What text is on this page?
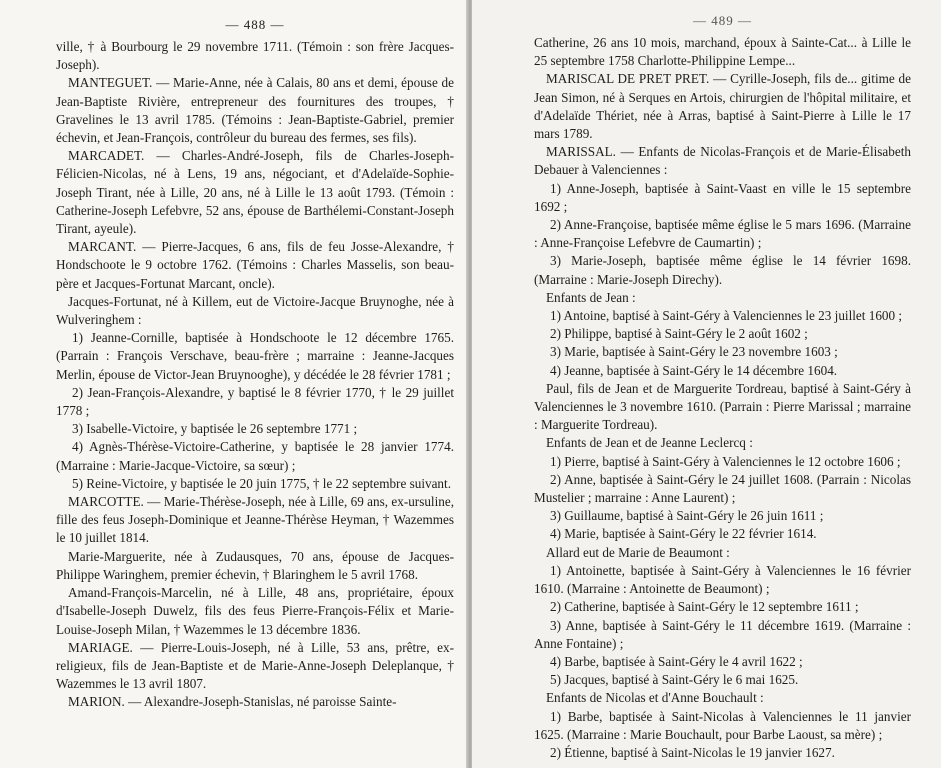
— 488 —

ville, † à Bourbourg le 29 novembre 1711. (Témoin : son frère Jacques-Joseph).

MANTEGUET. — Marie-Anne, née à Calais, 80 ans et demi, épouse de Jean-Baptiste Rivière, entrepreneur des fournitures des troupes, † Gravelines le 13 avril 1785. (Témoins : Jean-Baptiste-Gabriel, premier échevin, et Jean-François, contrôleur du bureau des fermes, ses fils).

MARCADET. — Charles-André-Joseph, fils de Charles-Joseph-Félicien-Nicolas, né à Lens, 19 ans, négociant, et d'Adelaïde-Sophie-Joseph Tirant, née à Lille, 20 ans, né à Lille le 13 août 1793. (Témoin : Catherine-Joseph Lefebvre, 52 ans, épouse de Barthélemi-Constant-Joseph Tirant, ayeule).

MARCANT. — Pierre-Jacques, 6 ans, fils de feu Josse-Alexandre, † Hondschoote le 9 octobre 1762. (Témoins : Charles Masselis, son beau-père et Jacques-Fortunat Marcant, oncle).

Jacques-Fortunat, né à Killem, eut de Victoire-Jacque Bruynoghe, née à Wulveringhem :

1) Jeanne-Cornille, baptisée à Hondschoote le 12 décembre 1765. (Parrain : François Verschave, beau-frère ; marraine : Jeanne-Jacques Merlin, épouse de Victor-Jean Bruynooghe), y décédée le 28 février 1781 ;

2) Jean-François-Alexandre, y baptisé le 8 février 1770, † le 29 juillet 1778 ;

3) Isabelle-Victoire, y baptisée le 26 septembre 1771 ;

4) Agnès-Thérèse-Victoire-Catherine, y baptisée le 28 janvier 1774. (Marraine : Marie-Jacque-Victoire, sa sœur) ;

5) Reine-Victoire, y baptisée le 20 juin 1775, † le 22 septembre suivant.

MARCOTTE. — Marie-Thérèse-Joseph, née à Lille, 69 ans, ex-ursuline, fille des feus Joseph-Dominique et Jeanne-Thérèse Heyman, † Wazemmes le 10 juillet 1814.

Marie-Marguerite, née à Zudausques, 70 ans, épouse de Jacques-Philippe Waringhem, premier échevin, † Blaringhem le 5 avril 1768.

Amand-François-Marcelin, né à Lille, 48 ans, propriétaire, époux d'Isabelle-Joseph Duwelz, fils des feus Pierre-François-Félix et Marie-Louise-Joseph Milan, † Wazemmes le 13 décembre 1836.

MARIAGE. — Pierre-Louis-Joseph, né à Lille, 53 ans, prêtre, ex-religieux, fils de Jean-Baptiste et de Marie-Anne-Joseph Deleplanque, † Wazemmes le 13 avril 1807.

MARION. — Alexandre-Joseph-Stanislas, né paroisse Sainte-

— 489 —

Catherine, 26 ans 10 mois, marchand, époux à Sainte-Cat... à Lille le 25 septembre 1758 Charlotte-Philippine Lempe...

MARISCAL DE PRET PRET. — Cyrille-Joseph, fils de... gitime de Jean Simon, né à Serques en Artois, chirurgien de l'hôpital militaire, et d'Adelaïde Thériet, née à Arras, baptisé à Saint-Pierre à Lille le 17 mars 1789.

MARISSAL. — Enfants de Nicolas-François et de Marie-Élisabeth Debauer à Valenciennes :

1) Anne-Joseph, baptisée à Saint-Vaast en ville le 15 septembre 1692 ;

2) Anne-Françoise, baptisée même église le 5 mars 1696. (Marraine : Anne-Françoise Lefebvre de Caumartin) ;

3) Marie-Joseph, baptisée même église le 14 février 1698. (Marraine : Marie-Joseph Direchy).

Enfants de Jean :

1) Antoine, baptisé à Saint-Géry à Valenciennes le 23 juillet 1600 ;

2) Philippe, baptisé à Saint-Géry le 2 août 1602 ;

3) Marie, baptisée à Saint-Géry le 23 novembre 1603 ;

4) Jeanne, baptisée à Saint-Géry le 14 décembre 1604.

Paul, fils de Jean et de Marguerite Tordreau, baptisé à Saint-Géry à Valenciennes le 3 novembre 1610. (Parrain : Pierre Marissal ; marraine : Marguerite Tordreau).

Enfants de Jean et de Jeanne Leclercq :

1) Pierre, baptisé à Saint-Géry à Valenciennes le 12 octobre 1606 ;

2) Anne, baptisée à Saint-Géry le 24 juillet 1608. (Parrain : Nicolas Mustelier ; marraine : Anne Laurent) ;

3) Guillaume, baptisé à Saint-Géry le 26 juin 1611 ;

4) Marie, baptisée à Saint-Géry le 22 février 1614.

Allard eut de Marie de Beaumont :

1) Antoinette, baptisée à Saint-Géry à Valenciennes le 16 février 1610. (Marraine : Antoinette de Beaumont) ;

2) Catherine, baptisée à Saint-Géry le 12 septembre 1611 ;

3) Anne, baptisée à Saint-Géry le 11 décembre 1619. (Marraine : Anne Fontaine) ;

4) Barbe, baptisée à Saint-Géry le 4 avril 1622 ;

5) Jacques, baptisé à Saint-Géry le 6 mai 1625.

Enfants de Nicolas et d'Anne Bouchault :

1) Barbe, baptisée à Saint-Nicolas à Valenciennes le 11 janvier 1625. (Marraine : Marie Bouchault, pour Barbe Laoust, sa mère) ;

2) Étienne, baptisé à Saint-Nicolas le 19 janvier 1627.
